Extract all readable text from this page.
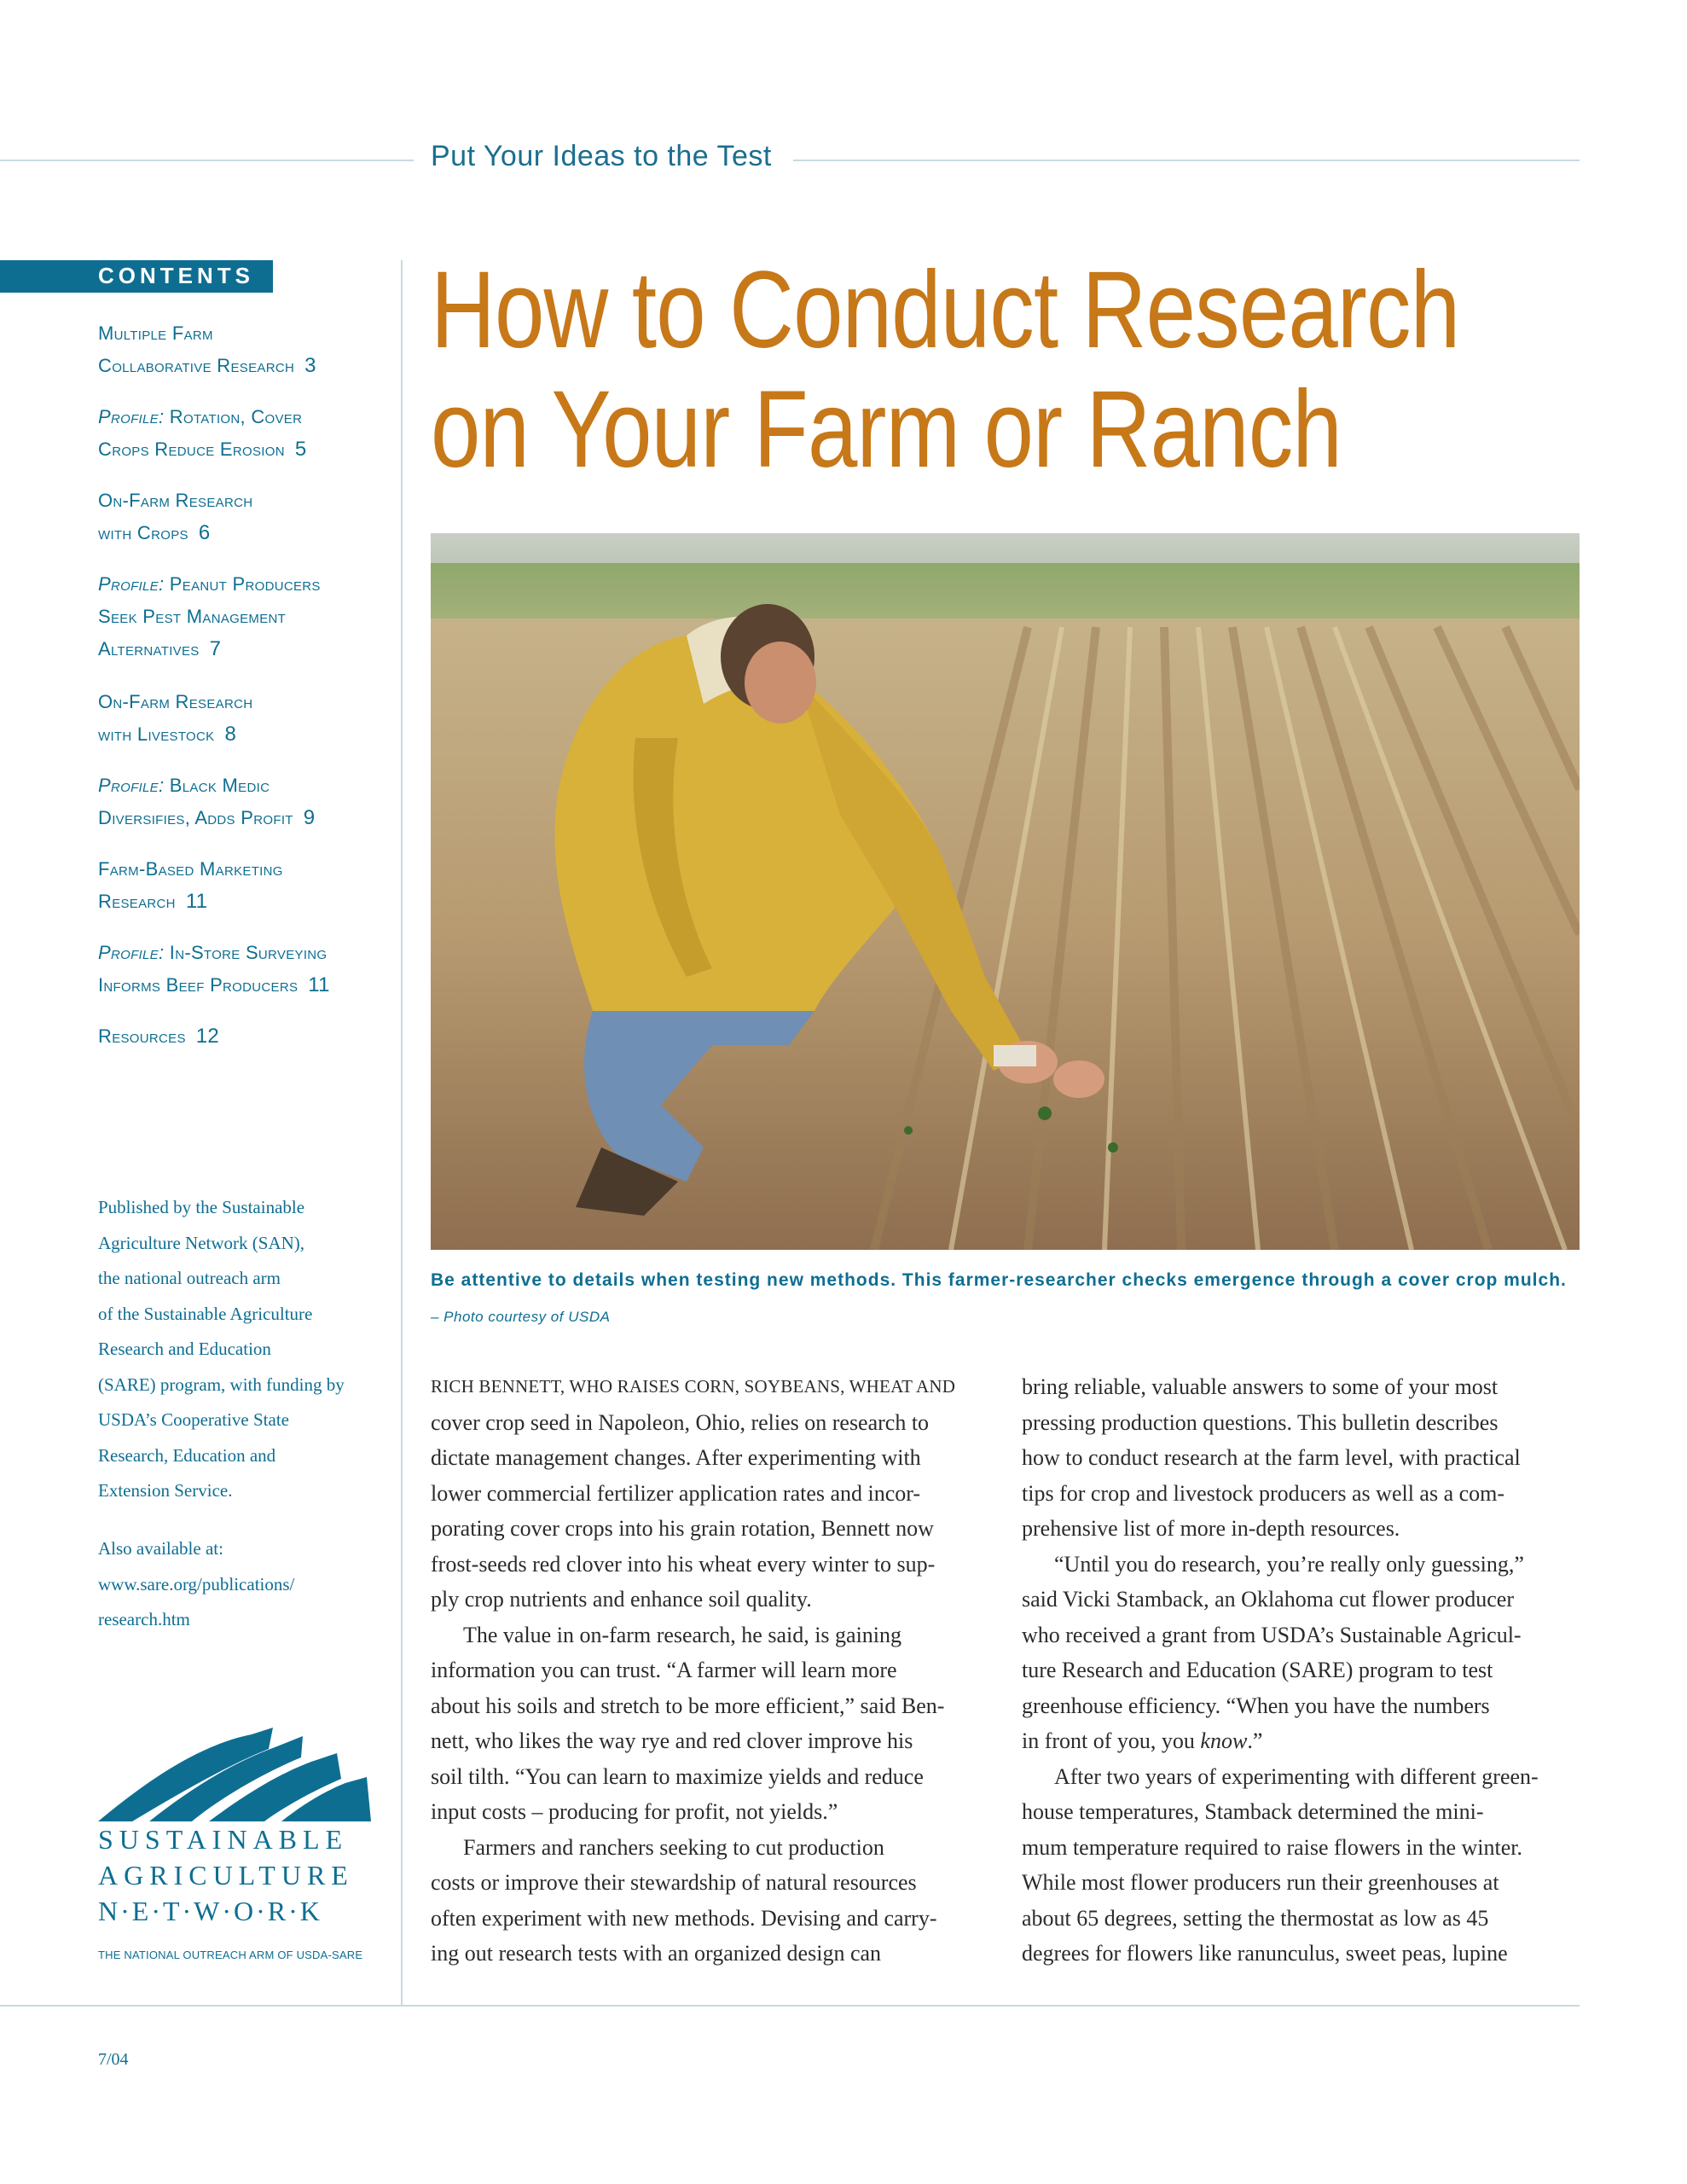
Put Your Ideas to the Test
CONTENTS
Multiple Farm
Collaborative Research 3
Profile: Rotation, Cover
Crops Reduce Erosion 5
On-Farm Research
with Crops 6
Profile: Peanut Producers
Seek Pest Management
Alternatives 7
On-Farm Research
with Livestock 8
Profile: Black Medic
Diversifies, Adds Profit 9
Farm-Based Marketing
Research 11
Profile: In-Store Surveying
Informs Beef Producers 11
Resources 12
Published by the Sustainable
Agriculture Network (SAN),
the national outreach arm
of the Sustainable Agriculture
Research and Education
(SARE) program, with funding by
USDA’s Cooperative State
Research, Education and
Extension Service.
Also available at:
www.sare.org/publications/
research.htm
SUSTAINABLE
AGRICULTURE
N·E·T·W·O·R·K
THE NATIONAL OUTREACH ARM OF USDA-SARE
How to Conduct Research
on Your Farm or Ranch
Be attentive to details when testing new methods. This farmer-researcher checks emergence through a cover crop mulch. – Photo courtesy of USDA
RICH BENNETT, WHO RAISES CORN, SOYBEANS, WHEAT AND
cover crop seed in Napoleon, Ohio, relies on research to
dictate management changes. After experimenting with
lower commercial fertilizer application rates and incor-
porating cover crops into his grain rotation, Bennett now
frost-seeds red clover into his wheat every winter to sup-
ply crop nutrients and enhance soil quality.
The value in on-farm research, he said, is gaining
information you can trust. “A farmer will learn more
about his soils and stretch to be more efficient,” said Ben-
nett, who likes the way rye and red clover improve his
soil tilth. “You can learn to maximize yields and reduce
input costs – producing for profit, not yields.”
Farmers and ranchers seeking to cut production
costs or improve their stewardship of natural resources
often experiment with new methods. Devising and carry-
ing out research tests with an organized design can
bring reliable, valuable answers to some of your most
pressing production questions. This bulletin describes
how to conduct research at the farm level, with practical
tips for crop and livestock producers as well as a com-
prehensive list of more in-depth resources.
“Until you do research, you’re really only guessing,”
said Vicki Stamback, an Oklahoma cut flower producer
who received a grant from USDA’s Sustainable Agricul-
ture Research and Education (SARE) program to test
greenhouse efficiency. “When you have the numbers
in front of you, you know.”
After two years of experimenting with different green-
house temperatures, Stamback determined the mini-
mum temperature required to raise flowers in the winter.
While most flower producers run their greenhouses at
about 65 degrees, setting the thermostat as low as 45
degrees for flowers like ranunculus, sweet peas, lupine
7/04
